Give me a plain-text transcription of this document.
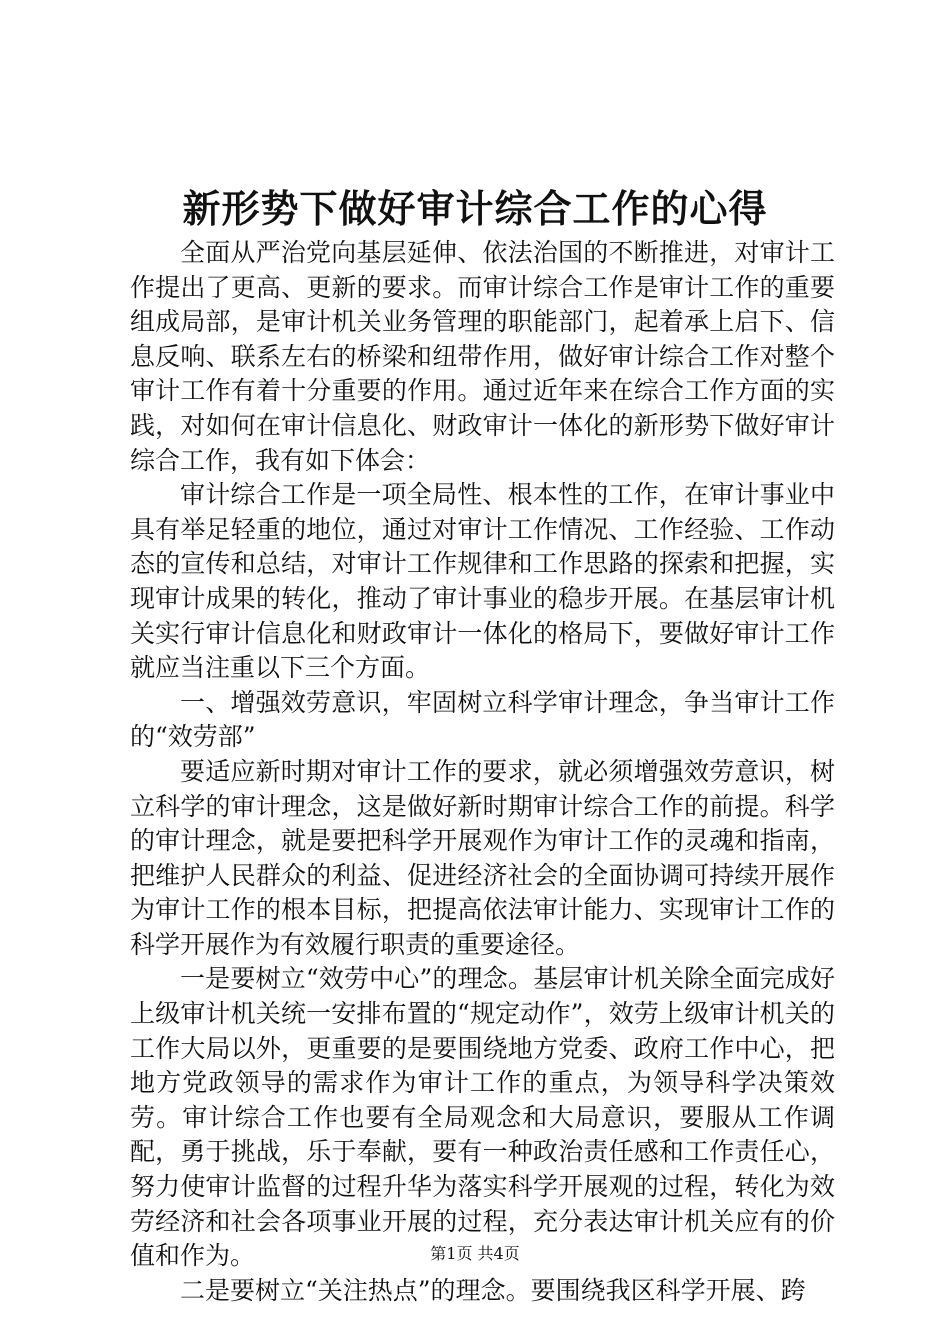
新形势下做好审计综合工作的心得

全面从严治党向基层延伸、依法治国的不断推进，对审计工作提出了更高、更新的要求。而审计综合工作是审计工作的重要组成局部，是审计机关业务管理的职能部门，起着承上启下、信息反响、联系左右的桥梁和纽带作用，做好审计综合工作对整个审计工作有着十分重要的作用。通过近年来在综合工作方面的实践，对如何在审计信息化、财政审计一体化的新形势下做好审计综合工作，我有如下体会：

审计综合工作是一项全局性、根本性的工作，在审计事业中具有举足轻重的地位，通过对审计工作情况、工作经验、工作动态的宣传和总结，对审计工作规律和工作思路的探索和把握，实现审计成果的转化，推动了审计事业的稳步开展。在基层审计机关实行审计信息化和财政审计一体化的格局下，要做好审计工作就应当注重以下三个方面。

一、增强效劳意识，牢固树立科学审计理念，争当审计工作的“效劳部”

要适应新时期对审计工作的要求，就必须增强效劳意识，树立科学的审计理念，这是做好新时期审计综合工作的前提。科学的审计理念，就是要把科学开展观作为审计工作的灵魂和指南，把维护人民群众的利益、促进经济社会的全面协调可持续开展作为审计工作的根本目标，把提高依法审计能力、实现审计工作的科学开展作为有效履行职责的重要途径。

一是要树立“效劳中心”的理念。基层审计机关除全面完成好上级审计机关统一安排布置的“规定动作”，效劳上级审计机关的工作大局以外，更重要的是要围绕地方党委、政府工作中心，把地方党政领导的需求作为审计工作的重点，为领导科学决策效劳。审计综合工作也要有全局观念和大局意识，要服从工作调配，勇于挑战，乐于奉献，要有一种政治责任感和工作责任心，努力使审计监督的过程升华为落实科学开展观的过程，转化为效劳经济和社会各项事业开展的过程，充分表达审计机关应有的价值和作为。

二是要树立“关注热点”的理念。要围绕我区科学开展、跨

第1页 共4页
